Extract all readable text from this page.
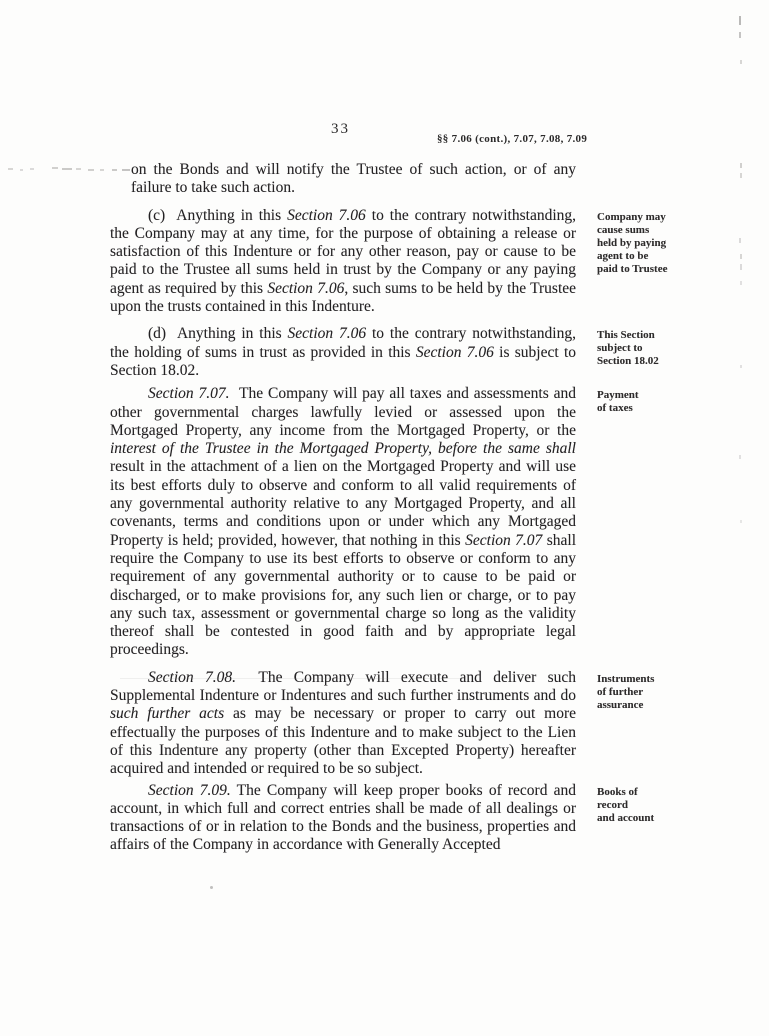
33
§§ 7.06 (cont.), 7.07, 7.08, 7.09

on the Bonds and will notify the Trustee of such action, or of any failure to take such action.

(c)  Anything in this Section 7.06 to the contrary notwithstanding, the Company may at any time, for the purpose of obtaining a release or satisfaction of this Indenture or for any other reason, pay or cause to be paid to the Trustee all sums held in trust by the Company or any paying agent as required by this Section 7.06, such sums to be held by the Trustee upon the trusts contained in this Indenture.

(d)  Anything in this Section 7.06 to the contrary notwithstanding, the holding of sums in trust as provided in this Section 7.06 is subject to Section 18.02.

Section 7.07.  The Company will pay all taxes and assessments and other governmental charges lawfully levied or assessed upon the Mortgaged Property, any income from the Mortgaged Property, or the interest of the Trustee in the Mortgaged Property, before the same shall result in the attachment of a lien on the Mortgaged Property and will use its best efforts duly to observe and conform to all valid requirements of any governmental authority relative to any Mortgaged Property, and all covenants, terms and conditions upon or under which any Mortgaged Property is held; provided, however, that nothing in this Section 7.07 shall require the Company to use its best efforts to observe or conform to any requirement of any governmental authority or to cause to be paid or discharged, or to make provisions for, any such lien or charge, or to pay any such tax, assessment or governmental charge so long as the validity thereof shall be contested in good faith and by appropriate legal proceedings.

Section 7.08.  The Company will execute and deliver such Supplemental Indenture or Indentures and such further instruments and do such further acts as may be necessary or proper to carry out more effectually the purposes of this Indenture and to make subject to the Lien of this Indenture any property (other than Excepted Property) hereafter acquired and intended or required to be so subject.

Section 7.09. The Company will keep proper books of record and account, in which full and correct entries shall be made of all dealings or transactions of or in relation to the Bonds and the business, properties and affairs of the Company in accordance with Generally Accepted

Company may
cause sums
held by paying
agent to be
paid to Trustee
This Section
subject to
Section 18.02
Payment
of taxes
Instruments
of further
assurance
Books of
record
and account
